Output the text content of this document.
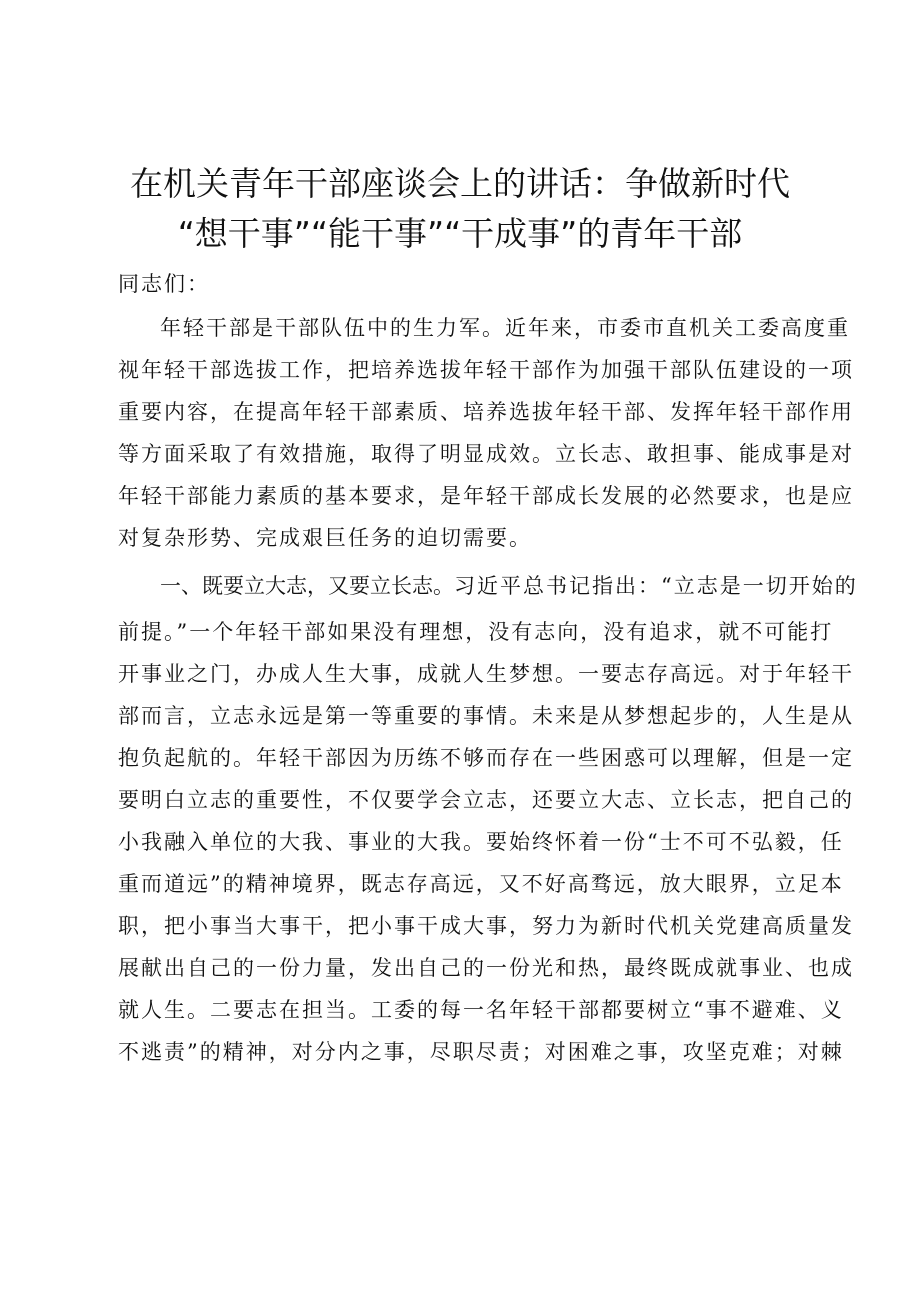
在机关青年干部座谈会上的讲话：争做新时代
“想干事”“能干事”“干成事”的青年干部
同志们：
年轻干部是干部队伍中的生力军。近年来，市委市直机关工委高度重
视年轻干部选拔工作，把培养选拔年轻干部作为加强干部队伍建设的一项
重要内容，在提高年轻干部素质、培养选拔年轻干部、发挥年轻干部作用
等方面采取了有效措施，取得了明显成效。立长志、敢担事、能成事是对
年轻干部能力素质的基本要求，是年轻干部成长发展的必然要求，也是应
对复杂形势、完成艰巨任务的迫切需要。
一、既要立大志，又要立长志。习近平总书记指出：“立志是一切开始的
前提。”一个年轻干部如果没有理想，没有志向，没有追求，就不可能打
开事业之门，办成人生大事，成就人生梦想。一要志存高远。对于年轻干
部而言，立志永远是第一等重要的事情。未来是从梦想起步的，人生是从
抱负起航的。年轻干部因为历练不够而存在一些困惑可以理解，但是一定
要明白立志的重要性，不仅要学会立志，还要立大志、立长志，把自己的
小我融入单位的大我、事业的大我。要始终怀着一份“士不可不弘毅，任
重而道远”的精神境界，既志存高远，又不好高骛远，放大眼界，立足本
职，把小事当大事干，把小事干成大事，努力为新时代机关党建高质量发
展献出自己的一份力量，发出自己的一份光和热，最终既成就事业、也成
就人生。二要志在担当。工委的每一名年轻干部都要树立“事不避难、义
不逃责”的精神，对分内之事，尽职尽责；对困难之事，攻坚克难；对棘
